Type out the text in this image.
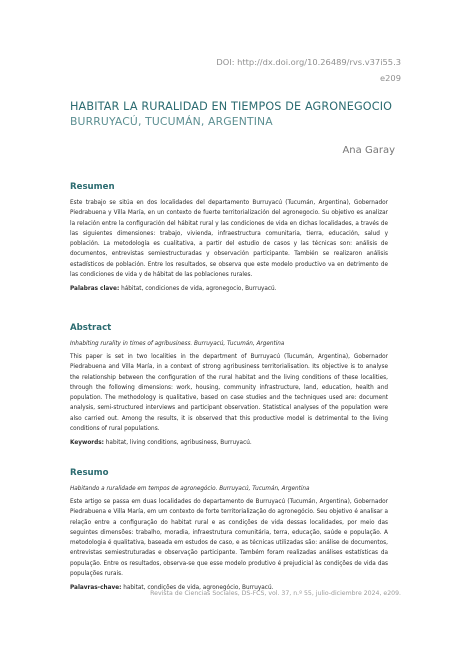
DOI: http://dx.doi.org/10.26489/rvs.v37i55.3
e209
HABITAR LA RURALIDAD EN TIEMPOS DE AGRONEGOCIO
BURRUYACÚ, TUCUMÁN, ARGENTINA
Ana Garay
Resumen

Este trabajo se sitúa en dos localidades del departamento Burruyacú (Tucumán, Argentina), Gobernador Piedrabuena y Villa María, en un contexto de fuerte territorialización del agronegocio. Su objetivo es analizar la relación entre la configuración del hábitat rural y las condiciones de vida en dichas localidades, a través de las siguientes dimensiones: trabajo, vivienda, infraestructura comunitaria, tierra, educación, salud y población. La metodología es cualitativa, a partir del estudio de casos y las técnicas son: análisis de documentos, entrevistas semiestructuradas y observación participante. También se realizaron análisis estadísticos de población. Entre los resultados, se observa que este modelo productivo va en detrimento de las condiciones de vida y de hábitat de las poblaciones rurales.

Palabras clave: hábitat, condiciones de vida, agronegocio, Burruyacú.

Abstract

Inhabiting rurality in times of agribusiness. Burruyacú, Tucumán, Argentina

This paper is set in two localities in the department of Burruyacú (Tucumán, Argentina), Gobernador Piedrabuena and Villa María, in a context of strong agribusiness territorialisation. Its objective is to analyse the relationship between the configuration of the rural habitat and the living conditions of these localities, through the following dimensions: work, housing, community infrastructure, land, education, health and population. The methodology is qualitative, based on case studies and the techniques used are: document analysis, semi-structured interviews and participant observation. Statistical analyses of the population were also carried out. Among the results, it is observed that this productive model is detrimental to the living conditions of rural populations.

Keywords: habitat, living conditions, agribusiness, Burruyacú.

Resumo

Habitando a ruralidade em tempos de agronegócio. Burruyacú, Tucumán, Argentina

Este artigo se passa em duas localidades do departamento de Burruyacú (Tucumán, Argentina), Gobernador Piedrabuena e Villa María, em um contexto de forte territorialização do agronegócio. Seu objetivo é analisar a relação entre a configuração do habitat rural e as condições de vida dessas localidades, por meio das seguintes dimensões: trabalho, moradia, infraestrutura comunitária, terra, educação, saúde e população. A metodologia é qualitativa, baseada em estudos de caso, e as técnicas utilizadas são: análise de documentos, entrevistas semiestruturadas e observação participante. Também foram realizadas análises estatísticas da população. Entre os resultados, observa-se que esse modelo produtivo é prejudicial às condições de vida das populações rurais.

Palavras-chave: habitat, condições de vida, agronegócio, Burruyacú.

Revista de Ciencias Sociales, DS-FCS, vol. 37, n.º 55, julio-diciembre 2024, e209.
